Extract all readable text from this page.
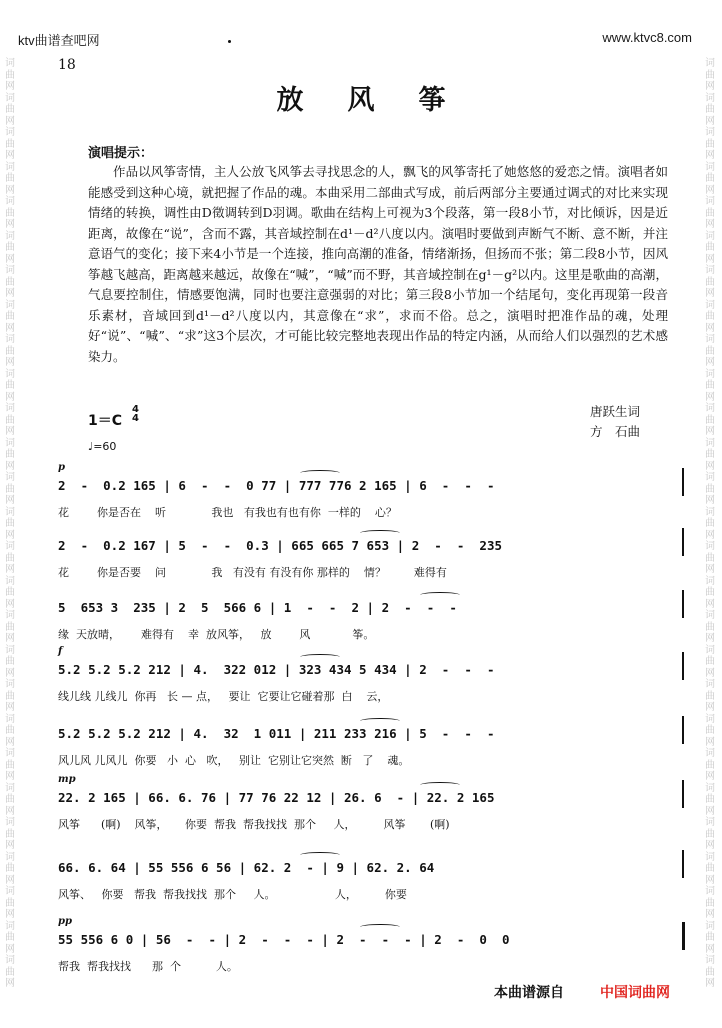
ktv曲谱查吧网	www.ktvc8.com
18
词
曲
网
词
曲
网
词
曲
网
词
曲
网
词
曲
网
词
曲
网
词
曲
网
词
曲
网
词
曲
网
词
曲
网
词
曲
网
词
曲
网
词
曲
网
词
曲
网
词
曲
网
词
曲
网
词
曲
网
词
曲
网
词
曲
网
词
曲
网
词
曲
网
词
曲
网
词
曲
网
词
曲
网
词
曲
网
词
曲
网
词
曲
网
词
曲
网
词
曲
网
词
曲
网
词
曲
网
词
曲
网
词
曲
网
词
曲
网
词
曲
网
词
曲
网
词
曲
网
词
曲
网
词
曲
网
词
曲
网
词
曲
网
词
曲
网
词
曲
网
词
曲
网
词
曲
网
词
曲
网
词
曲
网
词
曲
网
词
曲
网
词
曲
网
词
曲
网
词
曲
网
词
曲
网
词
曲
网
放风筝
演唱提示：

作品以风筝寄情，主人公放飞风筝去寻找思念的人，飘飞的风筝寄托了她悠悠的爱恋之情。演唱者如能感受到这种心境，就把握了作品的魂。本曲采用二部曲式写成，前后两部分主要通过调式的对比来实现情绪的转换，调性由D徵调转到D羽调。歌曲在结构上可视为3个段落，第一段8小节，对比倾诉，因是近距离，故像在“说”，含而不露，其音域控制在d¹－d²八度以内。演唱时要做到声断气不断、意不断，并注意语气的变化；接下来4小节是一个连接，推向高潮的准备，情绪渐扬，但扬而不张；第二段8小节，因风筝越飞越高，距离越来越远，故像在“喊”，“喊”而不野，其音域控制在g¹－g²以内。这里是歌曲的高潮，气息要控制住，情感要饱满，同时也要注意强弱的对比；第三段8小节加一个结尾句，变化再现第一段音乐素材，音域回到d¹－d²八度以内，其意像在“求”，求而不俗。总之，演唱时把准作品的魂，处理好“说”、“喊”、“求”这3个层次，才可能比较完整地表现出作品的特定内涵，从而给人们以强烈的艺术感染力。

1＝C
4
4
♩=60
唐跃生词
方　石曲
p
2  -  0.2 165 | 6  -  -  0 77 | 777 776 2 165 | 6  -  -  -
花        你是否在    听             我也   有我也有也有你  一样的    心？
2  -  0.2 167 | 5  -  -  0.3 | 665 665 7 653 | 2  -  -  235
花        你是否要    问             我   有没有 有没有你 那样的    情？        难得有
5  653 3  235 | 2  5  566 6 | 1  -  -  2 | 2  -  -  -
缘  天放晴，      难得有    幸  放风筝，   放        风            筝。
f
5.2 5.2 5.2 212 | 4.  322 012 | 323 434 5 434 | 2  -  -  -
线儿线 儿线儿  你再   长 — 点，   要让  它要让它碰着那  白    云，
5.2 5.2 5.2 212 | 4.  32  1 011 | 211 233 216 | 5  -  -  -
风儿风 儿风儿  你要   小  心   吹，   别让  它别让它突然  断   了    魂。
mp
22. 2 165 | 66. 6. 76 | 77 76 22 12 | 26. 6  - | 22. 2 165
风筝      (啊)    风筝，     你要  帮我  帮我找找  那个     人，        风筝       (啊)
66. 6. 64 | 55 556 6 56 | 62. 2  - | 9 | 62. 2. 64
风筝、   你要   帮我  帮我找找  那个     人。                 人，        你要
pp
55 556 6 0 | 56  -  - | 2  -  -  - | 2  -  -  - | 2  -  0  0
帮我  帮我找找      那  个          人。
本曲谱源自	中国词曲网
